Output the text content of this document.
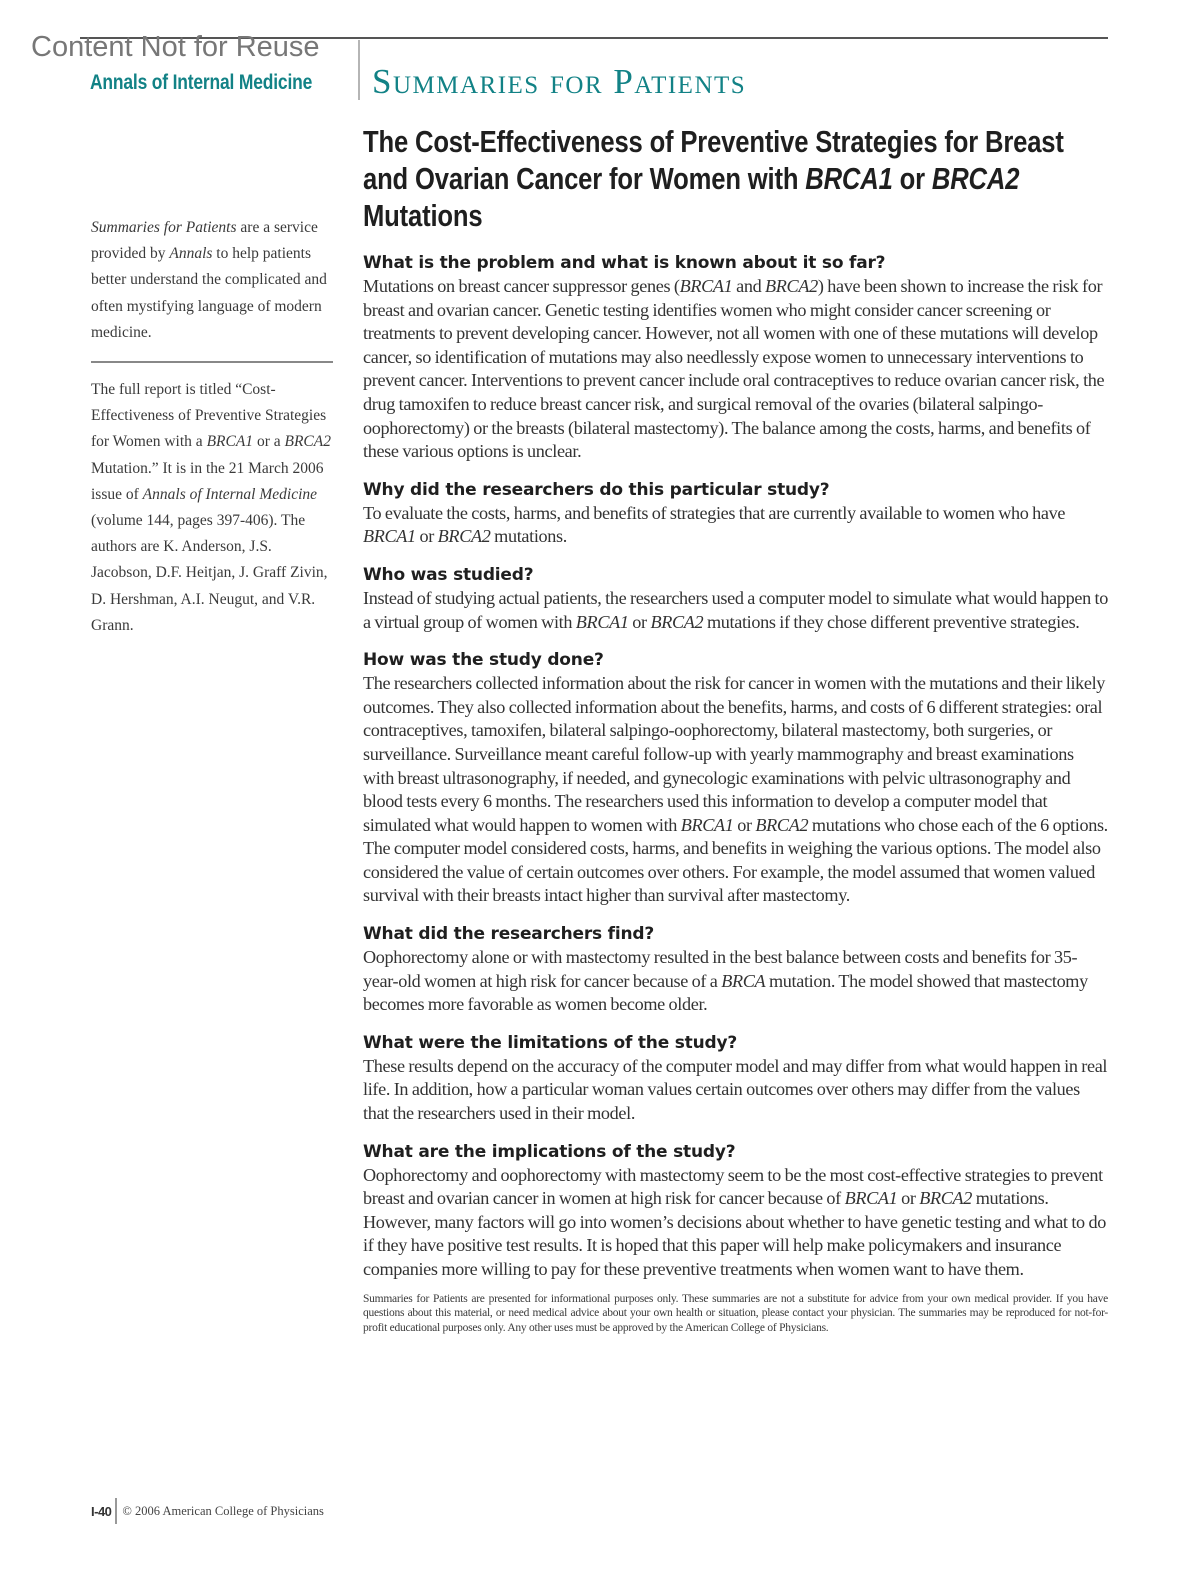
Content Not for Reuse
Annals of Internal Medicine Summaries for Patients
Summaries for Patients are a service provided by Annals to help patients better understand the complicated and often mystifying language of modern medicine.
The full report is titled “Cost-Effectiveness of Preventive Strategies for Women with a BRCA1 or a BRCA2 Mutation.” It is in the 21 March 2006 issue of Annals of Internal Medicine (volume 144, pages 397-406). The authors are K. Anderson, J.S. Jacobson, D.F. Heitjan, J. Graff Zivin, D. Hershman, A.I. Neugut, and V.R. Grann.
The Cost-Effectiveness of Preventive Strategies for Breast and Ovarian Cancer for Women with BRCA1 or BRCA2 Mutations
What is the problem and what is known about it so far?

Mutations on breast cancer suppressor genes (BRCA1 and BRCA2) have been shown to increase the risk for breast and ovarian cancer. Genetic testing identifies women who might consider cancer screening or treatments to prevent developing cancer. However, not all women with one of these mutations will develop cancer, so identification of mutations may also needlessly expose women to unnecessary interventions to prevent cancer. Interventions to prevent cancer include oral contraceptives to reduce ovarian cancer risk, the drug tamoxifen to reduce breast cancer risk, and surgical removal of the ovaries (bilateral salpingo-oophorectomy) or the breasts (bilateral mastectomy). The balance among the costs, harms, and benefits of these various options is unclear.

Why did the researchers do this particular study?

To evaluate the costs, harms, and benefits of strategies that are currently available to women who have BRCA1 or BRCA2 mutations.

Who was studied?

Instead of studying actual patients, the researchers used a computer model to simulate what would happen to a virtual group of women with BRCA1 or BRCA2 mutations if they chose different preventive strategies.

How was the study done?

The researchers collected information about the risk for cancer in women with the mutations and their likely outcomes. They also collected information about the benefits, harms, and costs of 6 different strategies: oral contraceptives, tamoxifen, bilateral salpingo-oophorectomy, bilateral mastectomy, both surgeries, or surveillance. Surveillance meant careful follow-up with yearly mammography and breast examinations with breast ultrasonography, if needed, and gynecologic examinations with pelvic ultrasonography and blood tests every 6 months. The researchers used this information to develop a computer model that simulated what would happen to women with BRCA1 or BRCA2 mutations who chose each of the 6 options. The computer model considered costs, harms, and benefits in weighing the various options. The model also considered the value of certain outcomes over others. For example, the model assumed that women valued survival with their breasts intact higher than survival after mastectomy.

What did the researchers find?

Oophorectomy alone or with mastectomy resulted in the best balance between costs and benefits for 35-year-old women at high risk for cancer because of a BRCA mutation. The model showed that mastectomy becomes more favorable as women become older.

What were the limitations of the study?

These results depend on the accuracy of the computer model and may differ from what would happen in real life. In addition, how a particular woman values certain outcomes over others may differ from the values that the researchers used in their model.

What are the implications of the study?

Oophorectomy and oophorectomy with mastectomy seem to be the most cost-effective strategies to prevent breast and ovarian cancer in women at high risk for cancer because of BRCA1 or BRCA2 mutations. However, many factors will go into women’s decisions about whether to have genetic testing and what to do if they have positive test results. It is hoped that this paper will help make policymakers and insurance companies more willing to pay for these preventive treatments when women want to have them.

Summaries for Patients are presented for informational purposes only. These summaries are not a substitute for advice from your own medical provider. If you have questions about this material, or need medical advice about your own health or situation, please contact your physician. The summaries may be reproduced for not-for-profit educational purposes only. Any other uses must be approved by the American College of Physicians.

I-40 © 2006 American College of Physicians
